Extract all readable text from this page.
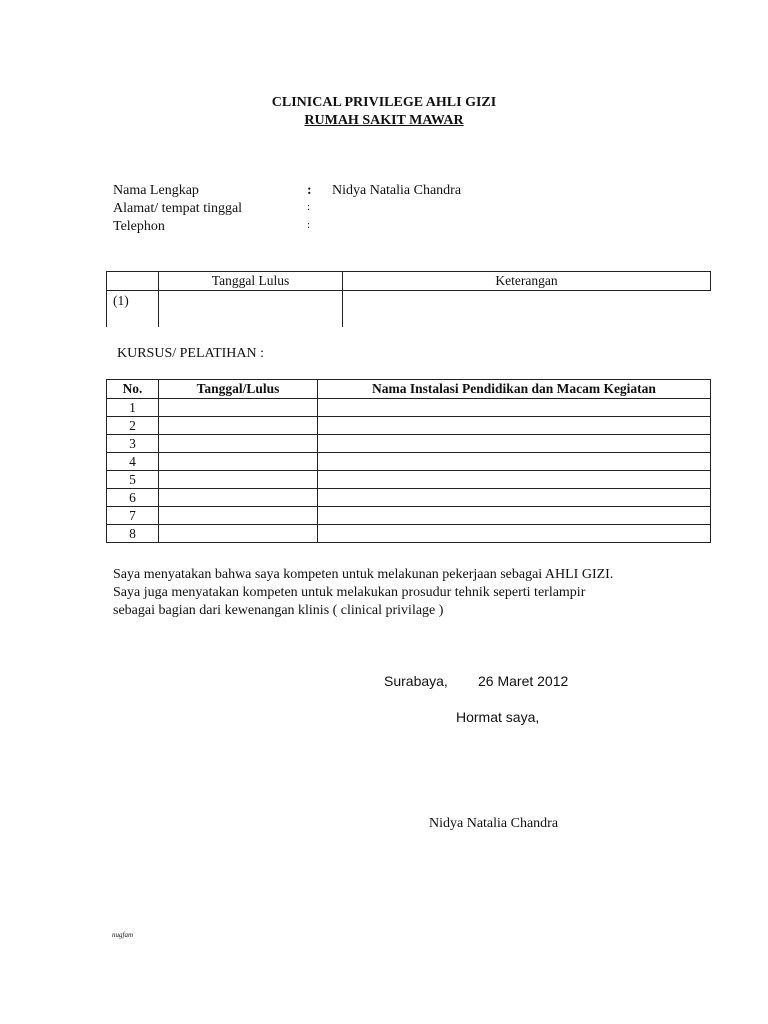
CLINICAL PRIVILEGE AHLI GIZI
RUMAH SAKIT MAWAR
Nama Lengkap	: Nidya Natalia Chandra
Alamat/ tempat tinggal	:
Telephon	:
	Tanggal Lulus	Keterangan
(1)		
KURSUS/ PELATIHAN :
No.	Tanggal/Lulus	Nama Instalasi Pendidikan dan Macam Kegiatan
1		
2		
3		
4		
5		
6		
7		
8		
Saya menyatakan bahwa saya kompeten untuk melakunan pekerjaan sebagai AHLI GIZI.
Saya juga menyatakan kompeten untuk melakukan prosudur tehnik seperti terlampir
sebagai bagian dari kewenangan klinis ( clinical privilage )
Surabaya, 26 Maret 2012
Hormat saya,
Nidya Natalia Chandra
nugfam
